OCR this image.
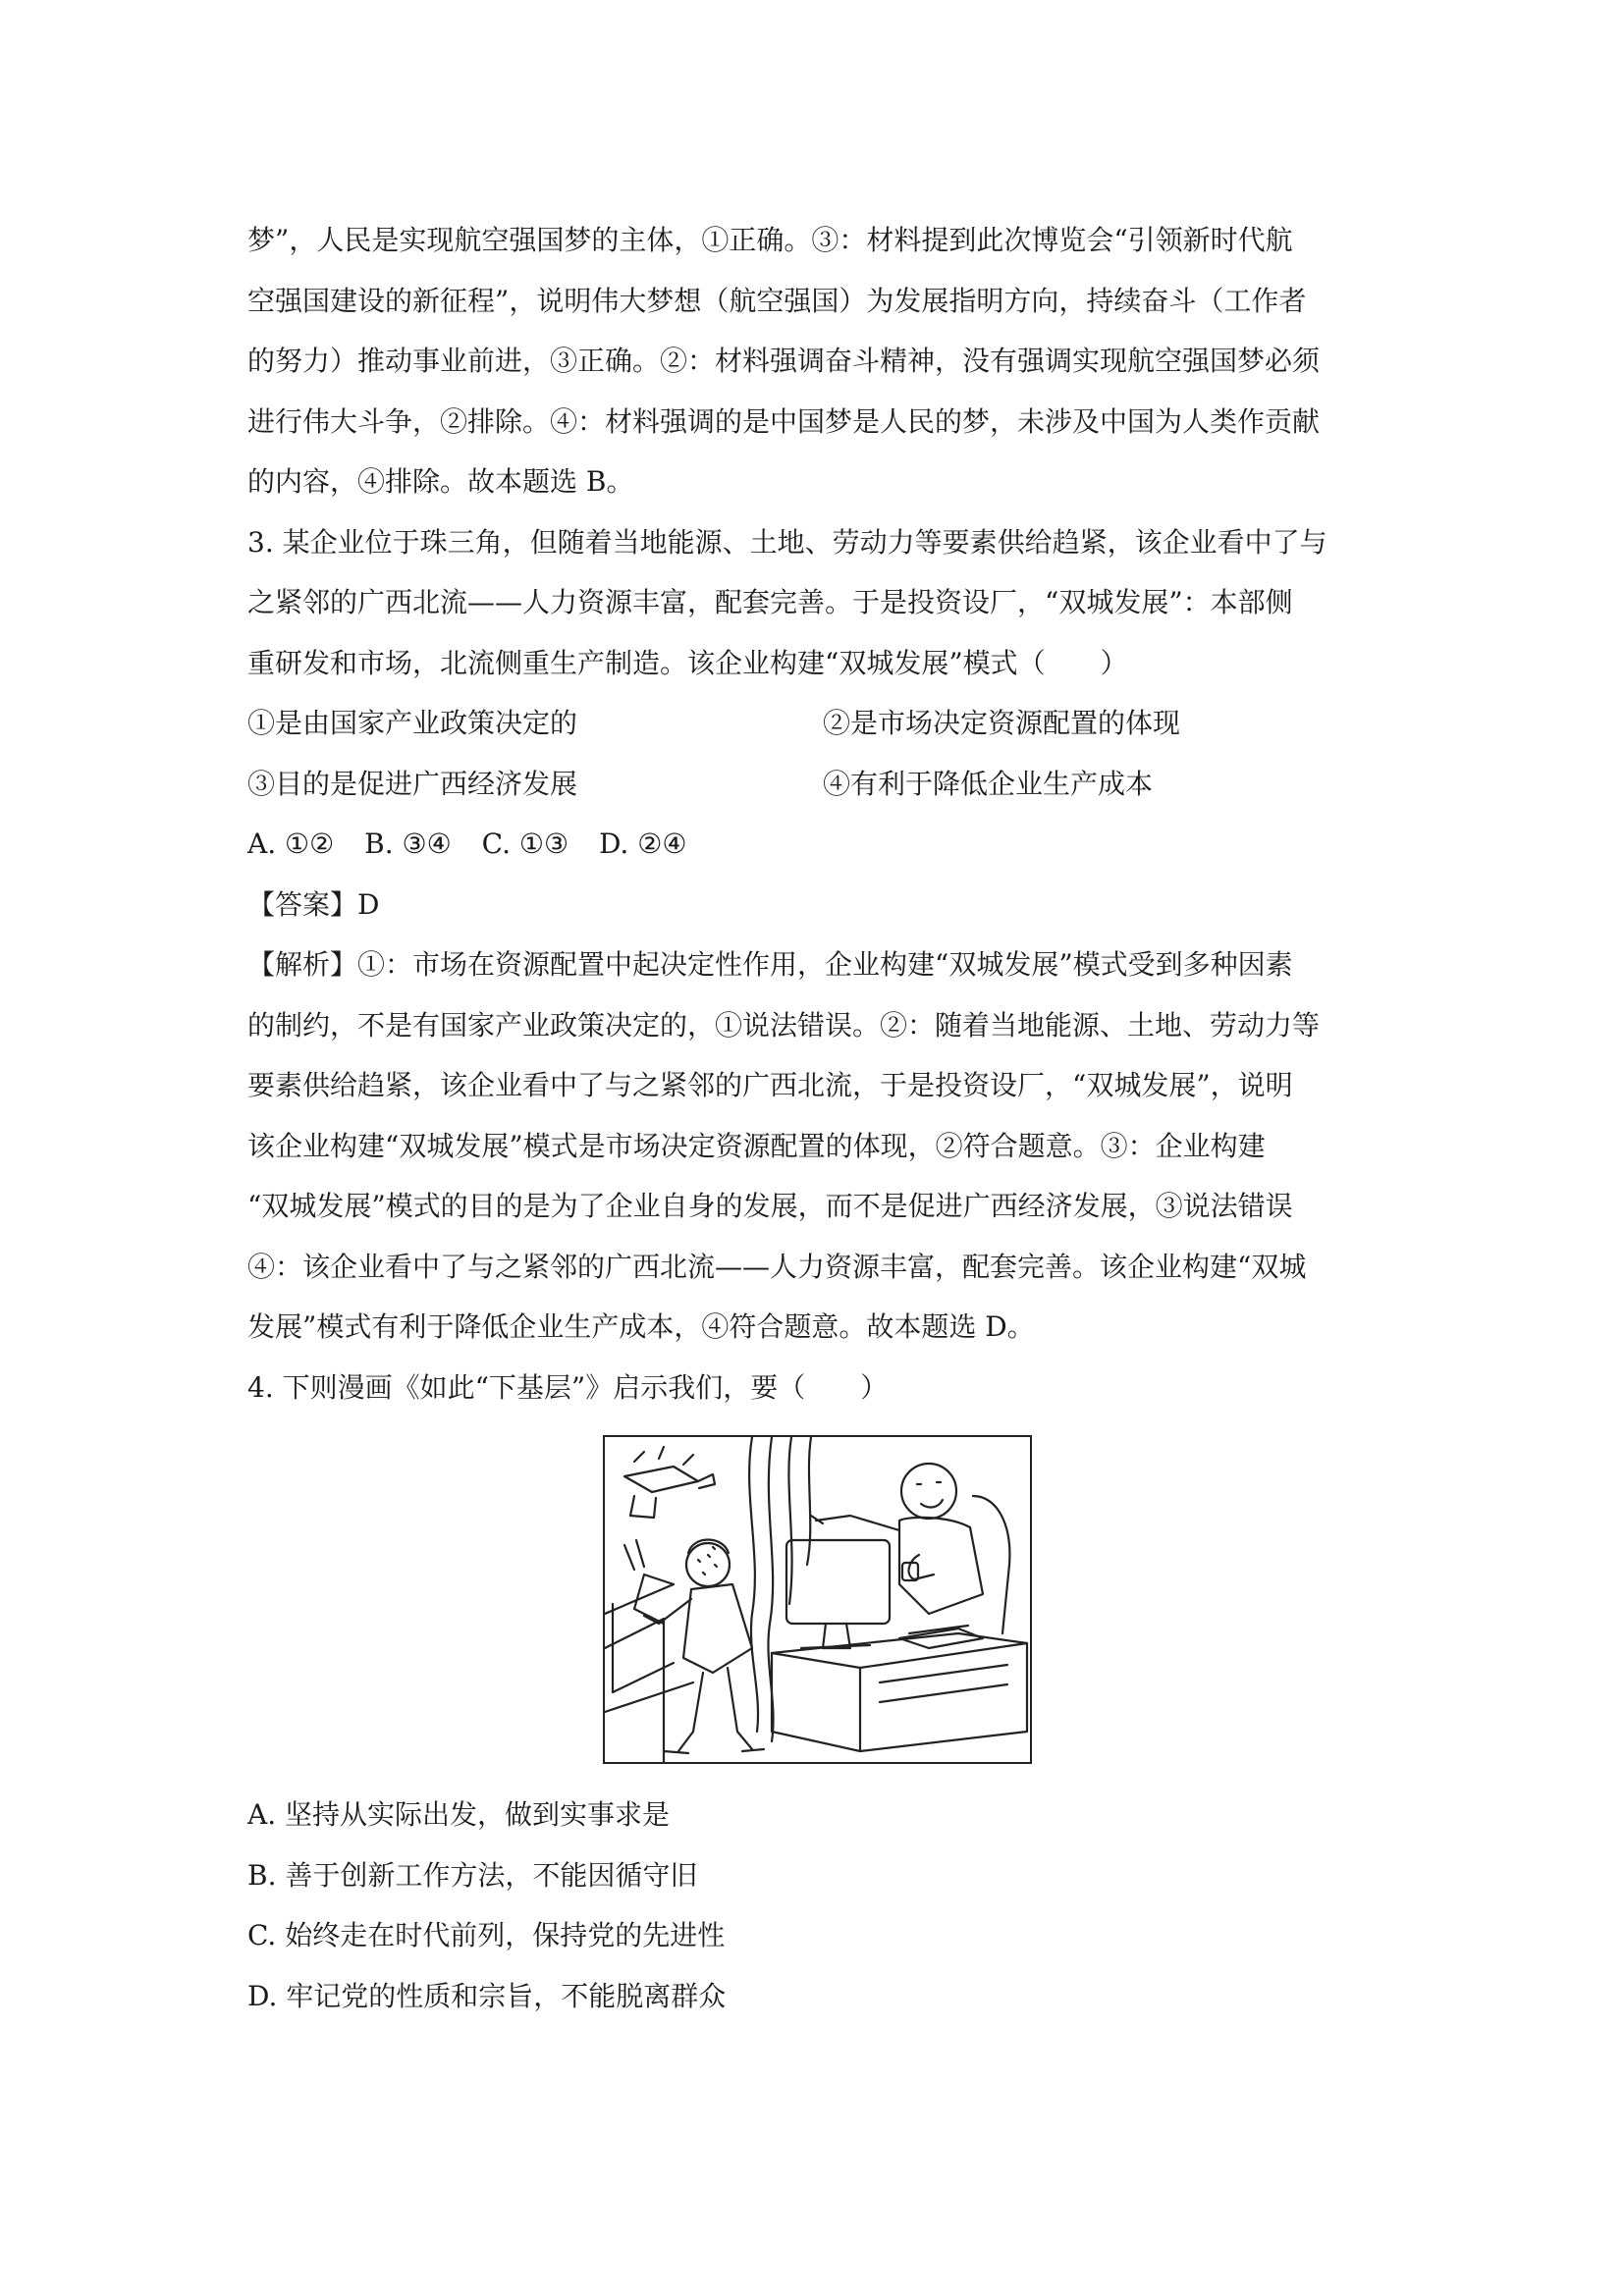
梦”，人民是实现航空强国梦的主体，①正确。③：材料提到此次博览会“引领新时代航
空强国建设的新征程”，说明伟大梦想（航空强国）为发展指明方向，持续奋斗（工作者
的努力）推动事业前进，③正确。②：材料强调奋斗精神，没有强调实现航空强国梦必须
进行伟大斗争，②排除。④：材料强调的是中国梦是人民的梦，未涉及中国为人类作贡献
的内容，④排除。故本题选 B。

3. 某企业位于珠三角，但随着当地能源、土地、劳动力等要素供给趋紧，该企业看中了与
之紧邻的广西北流——人力资源丰富，配套完善。于是投资设厂，“双城发展”：本部侧
重研发和市场，北流侧重生产制造。该企业构建“双城发展”模式（　　）

①是由国家产业政策决定的	②是市场决定资源配置的体现
③目的是促进广西经济发展	④有利于降低企业生产成本
A. ①② B. ③④ C. ①③ D. ②④

【答案】D

【解析】①：市场在资源配置中起决定性作用，企业构建“双城发展”模式受到多种因素
的制约，不是有国家产业政策决定的，①说法错误。②：随着当地能源、土地、劳动力等
要素供给趋紧，该企业看中了与之紧邻的广西北流，于是投资设厂，“双城发展”，说明
该企业构建“双城发展”模式是市场决定资源配置的体现，②符合题意。③：企业构建
“双城发展”模式的目的是为了企业自身的发展，而不是促进广西经济发展，③说法错误
④：该企业看中了与之紧邻的广西北流——人力资源丰富，配套完善。该企业构建“双城
发展”模式有利于降低企业生产成本，④符合题意。故本题选 D。

4. 下则漫画《如此“下基层”》启示我们，要（　　）

A. 坚持从实际出发，做到实事求是

B. 善于创新工作方法，不能因循守旧

C. 始终走在时代前列，保持党的先进性

D. 牢记党的性质和宗旨，不能脱离群众
